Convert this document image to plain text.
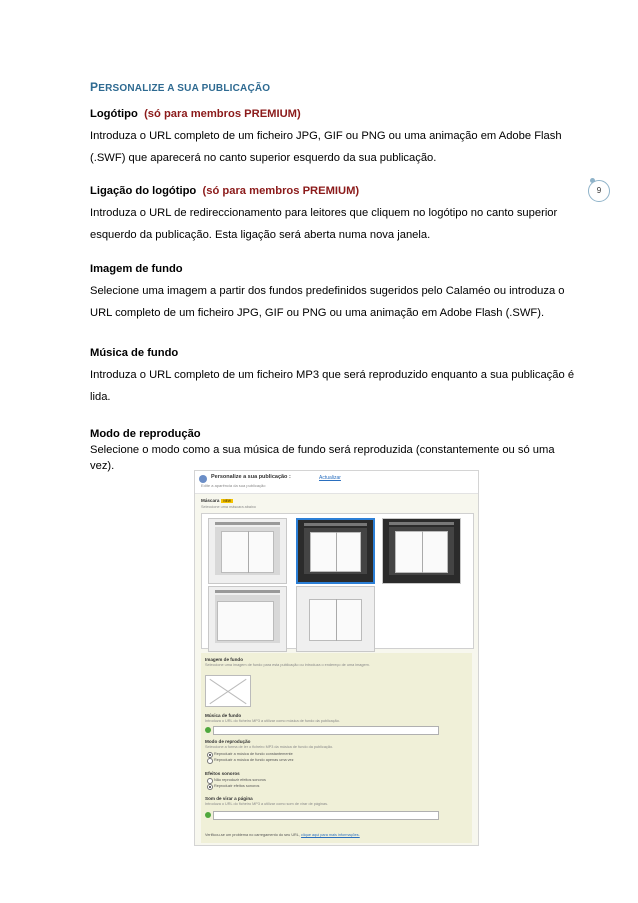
9
PERSONALIZE A SUA PUBLICAÇÃO

Logótipo (só para membros PREMIUM)

Introduza o URL completo de um ficheiro JPG, GIF ou PNG ou uma animação em Adobe Flash

(.SWF) que aparecerá no canto superior esquerdo da sua publicação.

Ligação do logótipo (só para membros PREMIUM)

Introduza o URL de redireccionamento para leitores que cliquem no logótipo no canto superior

esquerdo da publicação. Esta ligação será aberta numa nova janela.

Imagem de fundo

Selecione uma imagem a partir dos fundos predefinidos sugeridos pelo Calaméo ou introduza o

URL completo de um ficheiro JPG, GIF ou PNG ou uma animação em Adobe Flash (.SWF).

Música de fundo

Introduza o URL completo de um ficheiro MP3 que será reproduzido enquanto a sua publicação é

lida.

Modo de reprodução

Selecione o modo como a sua música de fundo será reproduzida (constantemente ou só uma vez).

Personalize a sua publicação :	Actualizar
Edite a aparência da sua publicação
Máscara NEW
Seleccione uma máscara abaixo
Imagem de fundo
Seleccione uma imagem de fundo para esta publicação ou introduza o endereço de uma imagem.
Música de fundo
Introduza o URL do ficheiro MP3 a utilizar como música de fundo da publicação.
Modo de reprodução
Seleccione a forma de ler o ficheiro MP3 da música de fundo da publicação.
Reproduzir a música de fundo constantemente
Reproduzir a música de fundo apenas uma vez
Efeitos sonoros
Não reproduzir efeitos sonoros
Reproduzir efeitos sonoros
Som de virar a página
Introduza o URL do ficheiro MP3 a utilizar como som de virar de páginas.
Verificou-se um problema no carregamento do seu URL, clique aqui para mais informações.
